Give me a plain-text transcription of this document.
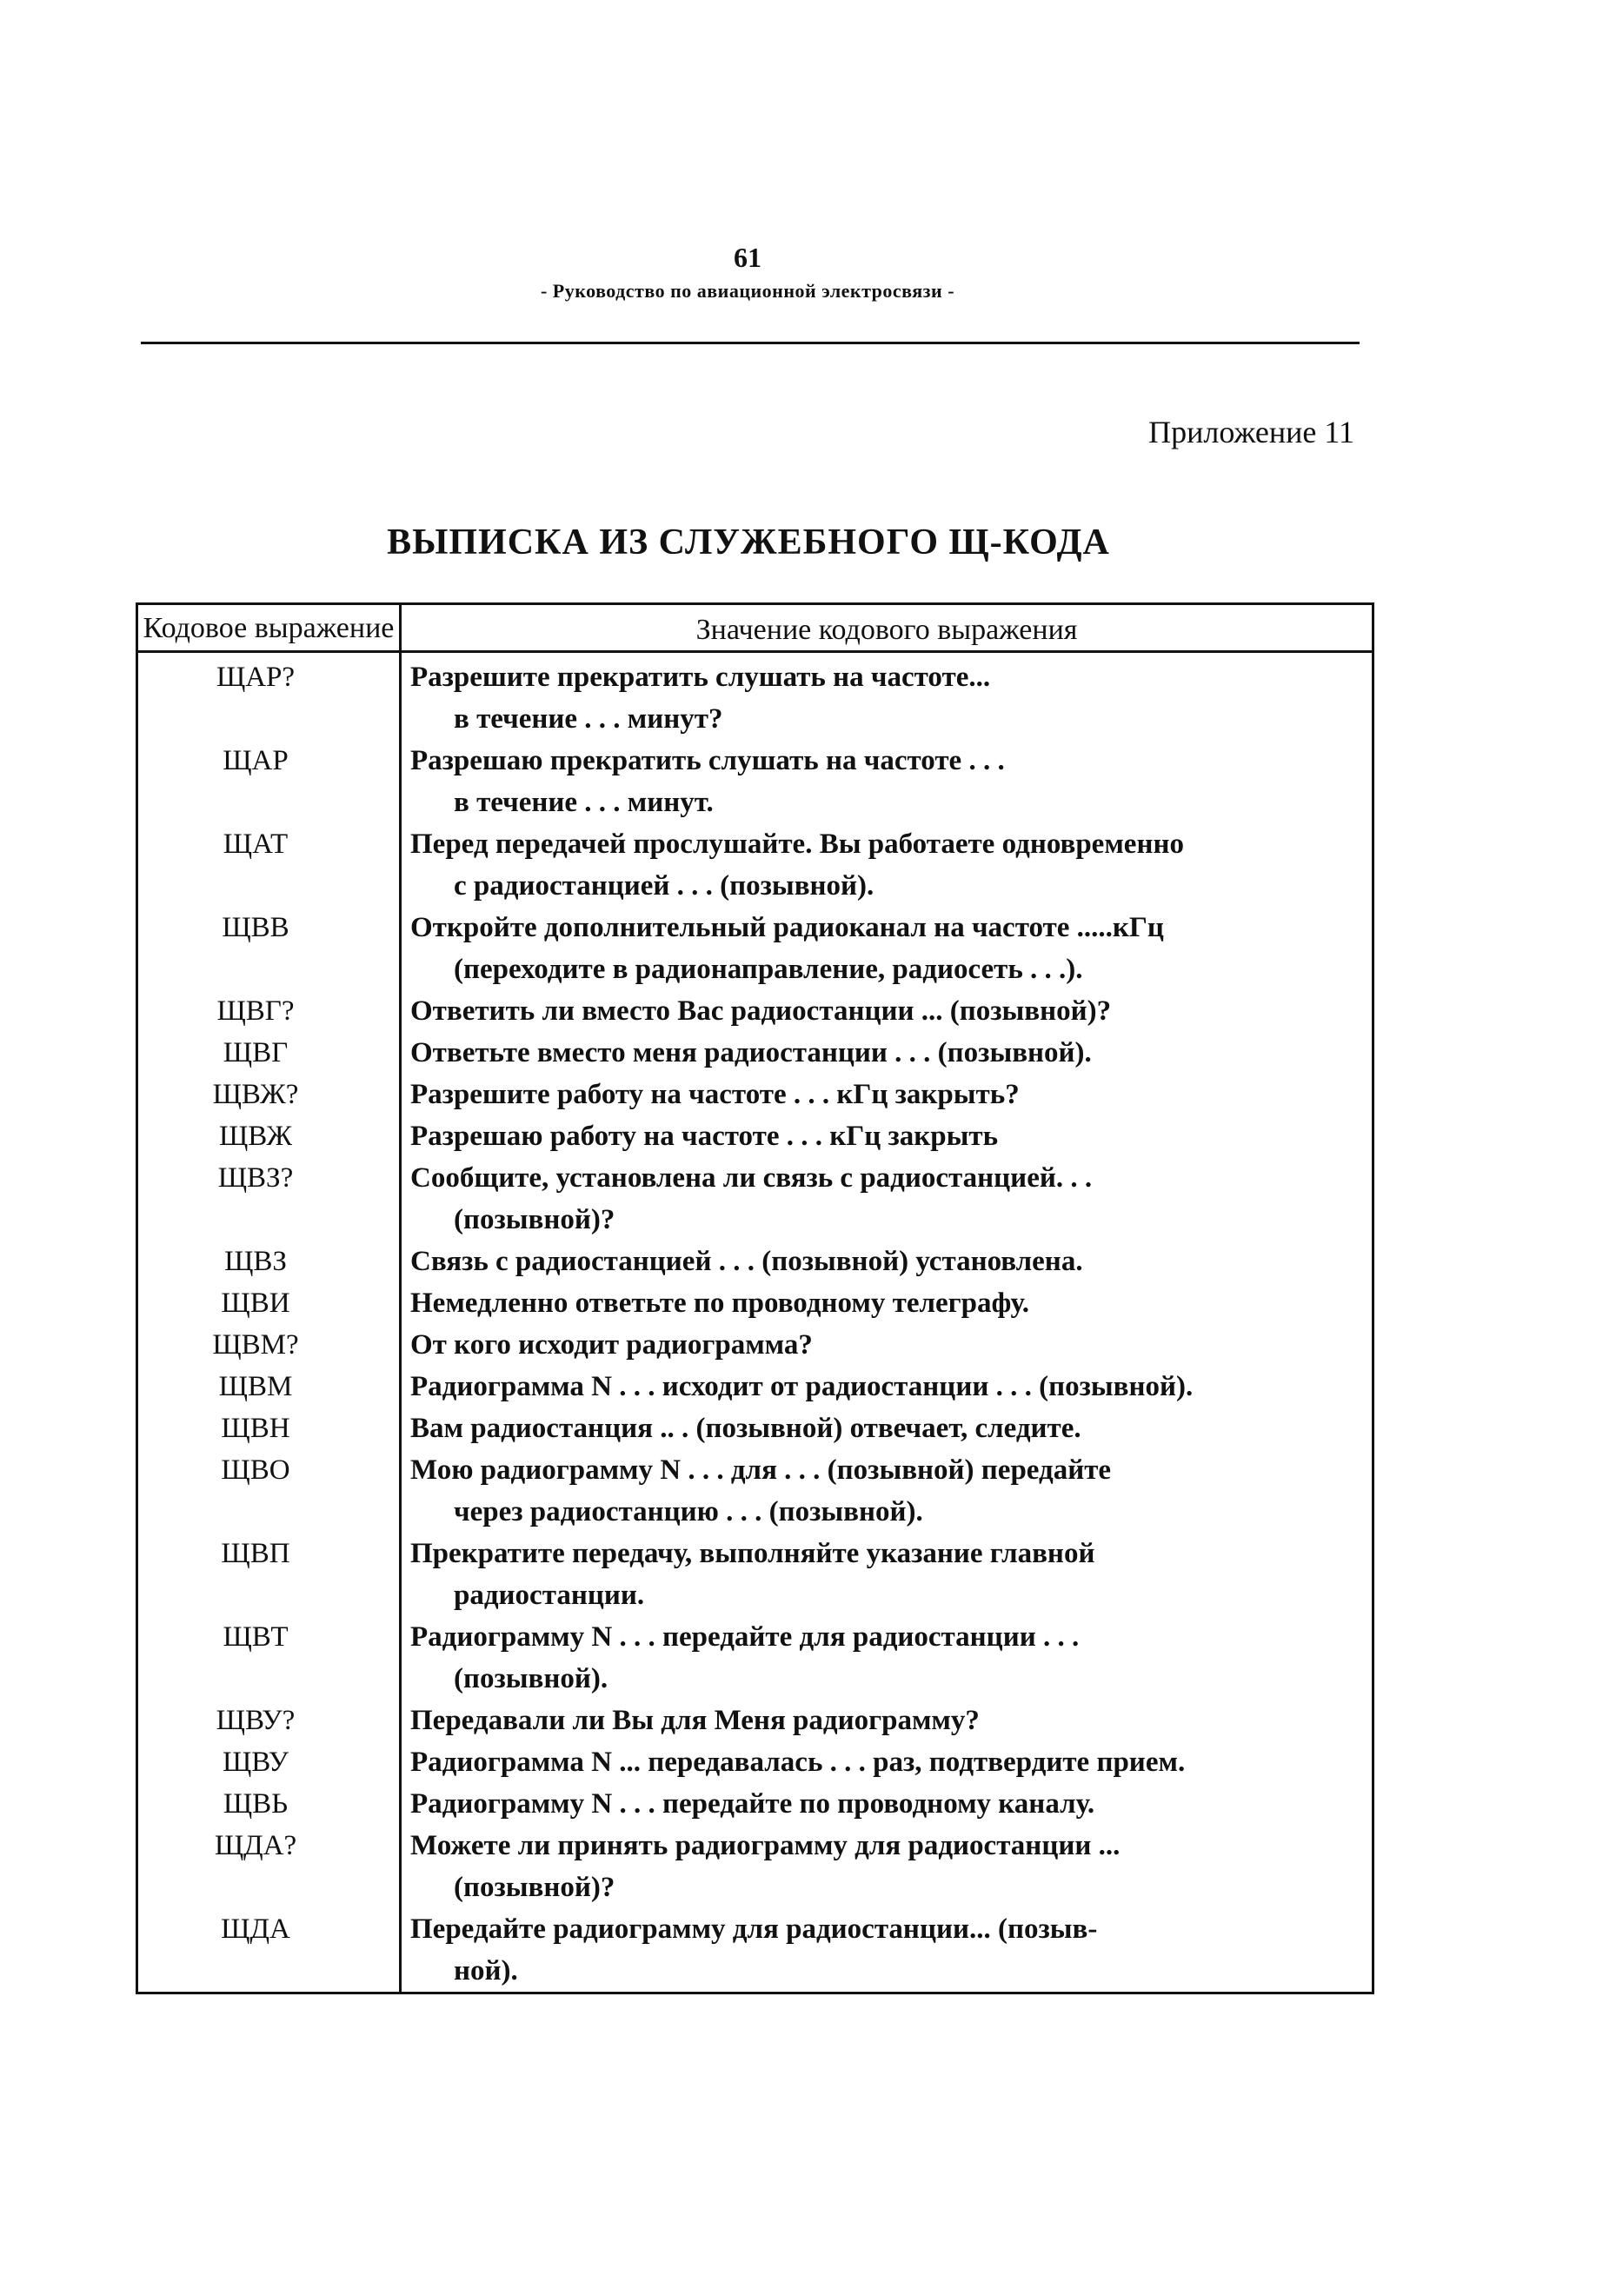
61
- Руководство по авиационной электросвязи -
Приложение 11
ВЫПИСКА ИЗ СЛУЖЕБНОГО Щ-КОДА
Кодовое выражение	Значение кодового выражения
ЩАР?	Разрешите прекратить слушать на частоте...
в течение . . . минут?

ЩАР	Разрешаю прекратить слушать на частоте . . .
в течение . . . минут.

ЩАТ	Перед передачей прослушайте. Вы работаете одновременно
с радиостанцией . . . (позывной).

ЩВВ	Откройте дополнительный радиоканал на частоте .....кГц
(переходите в радионаправление, радиосеть . . .).

ЩВГ?	Ответить ли вместо Вас радиостанции ... (позывной)?
ЩВГ	Ответьте вместо меня радиостанции . . . (позывной).
ЩВЖ?	Разрешите работу на частоте . . . кГц закрыть?
ЩВЖ	Разрешаю работу на частоте . . . кГц закрыть
ЩВЗ?	Сообщите, установлена ли связь с радиостанцией. . .
(позывной)?

ЩВЗ	Связь с радиостанцией . . . (позывной) установлена.
ЩВИ	Немедленно ответьте по проводному телеграфу.
ЩВМ?	От кого исходит радиограмма?
ЩВМ	Радиограмма N . . . исходит от радиостанции . . . (позывной).
ЩВН	Вам радиостанция .. . (позывной) отвечает, следите.
ЩВО	Мою радиограмму N . . . для . . . (позывной) передайте
через радиостанцию . . . (позывной).

ЩВП	Прекратите передачу, выполняйте указание главной
радиостанции.

ЩВТ	Радиограмму N . . . передайте для радиостанции . . .
(позывной).

ЩВУ?	Передавали ли Вы для Меня радиограмму?
ЩВУ	Радиограмма N ... передавалась . . . раз, подтвердите прием.
ЩВЬ	Радиограмму N . . . передайте по проводному каналу.
ЩДА?	Можете ли принять радиограмму для радиостанции ...
(позывной)?

ЩДА	Передайте радиограмму для радиостанции... (позыв-
ной).
